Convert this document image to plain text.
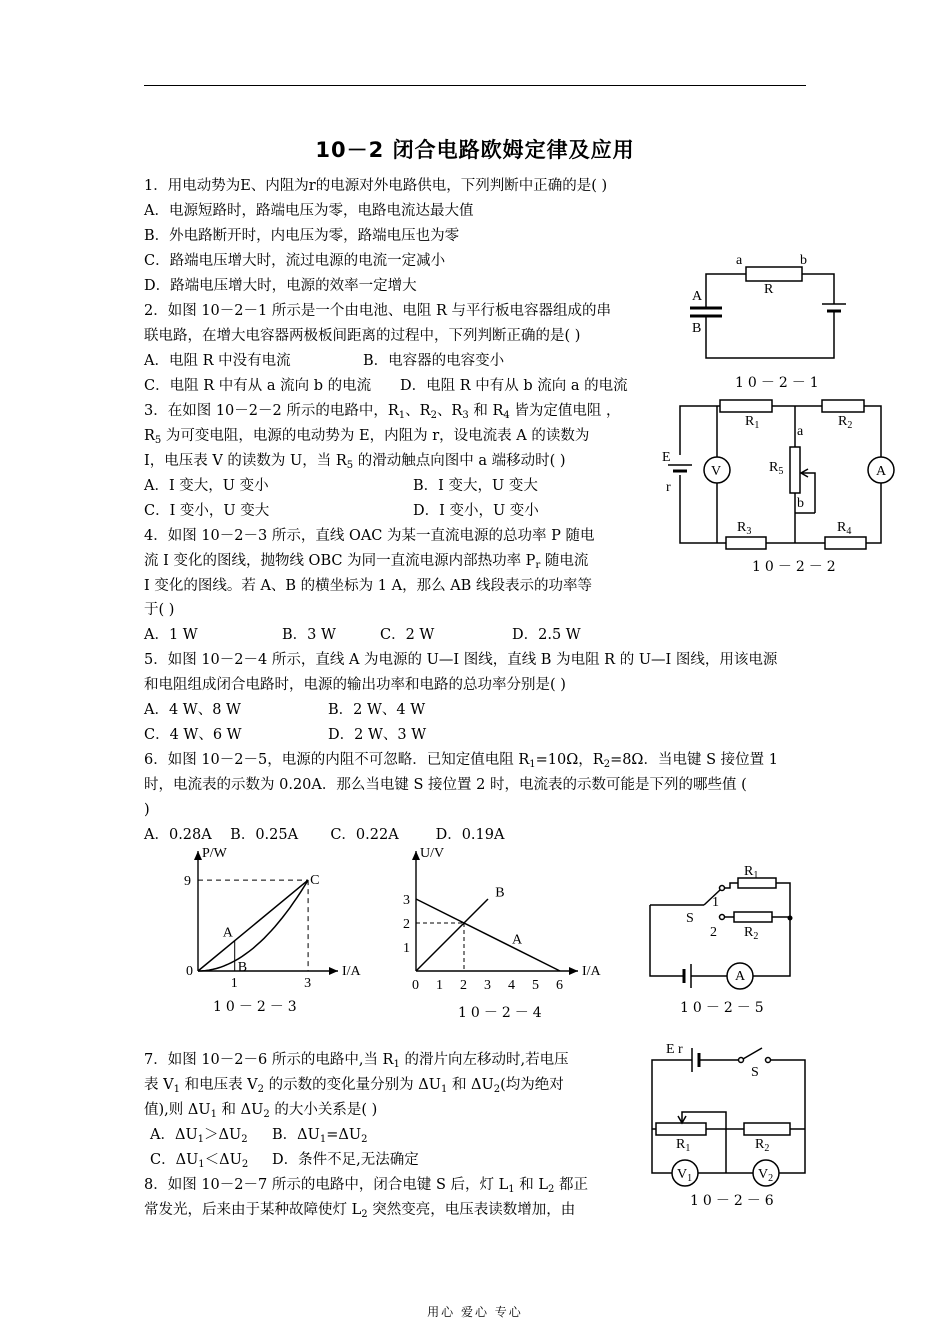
10－2 闭合电路欧姆定律及应用
1．用电动势为E、内阻为r的电源对外电路供电，下列判断中正确的是( )
A．电源短路时，路端电压为零，电路电流达最大值
B．外电路断开时，内电压为零，路端电压也为零
C．路端电压增大时，流过电源的电流一定减小
D．路端电压增大时，电源的效率一定增大
2．如图 10－2－1 所示是一个由电池、电阻 R 与平行板电容器组成的串
联电路，在增大电容器两极板间距离的过程中，下列判断正确的是( )
A．电阻 R 中没有电流	B．电容器的电容变小
C．电阻 R 中有从 a 流向 b 的电流 D．电阻 R 中有从 b 流向 a 的电流
3．在如图 10－2－2 所示的电路中，$R_1$、$R_2$、$R_3$ 和 $R_4$ 皆为定值电阻 ，
$R_5$ 为可变电阻，电源的电动势为 E，内阻为 r，设电流表 A 的读数为
I，电压表 V 的读数为 U，当 $R_5$ 的滑动触点向图中 a 端移动时( )
A．I 变大，U 变小	B．I 变大，U 变大
C．I 变小，U 变大	D．I 变小，U 变小
4．如图 10－2－3 所示，直线 OAC 为某一直流电源的总功率 P 随电
流 I 变化的图线，抛物线 OBC 为同一直流电源内部热功率 $P_r$ 随电流
I 变化的图线。若 A、B 的横坐标为 1 A，那么 AB 线段表示的功率等
于( )
A．1 W	B．3 W	C．2 W	D．2.5 W
5．如图 10－2－4 所示，直线 A 为电源的 U—I 图线，直线 B 为电阻 R 的 U—I 图线，用该电源
和电阻组成闭合电路时，电源的输出功率和电路的总功率分别是( )
A．4 W、8 W	B．2 W、4 W
C．4 W、6 W	D．2 W、3 W
6．如图 10－2－5，电源的内阻不可忽略．已知定值电阻 $R_1=10\Omega$，$R_2=8\Omega$．当电键 S 接位置 1
时，电流表的示数为 0.20A．那么当电键 S 接位置 2 时，电流表的示数可能是下列的哪些值 (
)
A．0.28A    B．0.25A       C．0.22A        D．0.19A
7．如图 10－2－6 所示的电路中,当 $R_1$ 的滑片向左移动时,若电压
表 $V_1$ 和电压表 $V_2$ 的示数的变化量分别为 $\Delta U_1$ 和 $\Delta U_2$(均为绝对
值),则 $\Delta U_1$ 和 $\Delta U_2$ 的大小关系是( )
A．$\Delta U_1>\Delta U_2$ B．$\Delta U_1=\Delta U_2$
C．$\Delta U_1<\Delta U_2$ D．条件不足,无法确定
8．如图 10－2－7 所示的电路中，闭合电键 S 后，灯 $L_1$ 和 $L_2$ 都正
常发光，后来由于某种故障使灯 $L_2$ 突然变亮，电压表读数增加，由
a	b
R
A
B
10－2－1
E
r
V	A
a
b
$R_1$	$R_2$
$R_5$
$R_3$	$R_4$
10－2－2
I/A
P/W
C
A
B
0
1	3
9
10－2－3
I/A
U/V
B
A
0 1 2 3 4 5 6
1
2
3
10－2－4
S
1
2
A
$R_1$
$R_2$
10－2－5
E r
S
$R_1$	$R_2$
$V_1$	$V_2$
10－2－6
用心 爱心 专心
